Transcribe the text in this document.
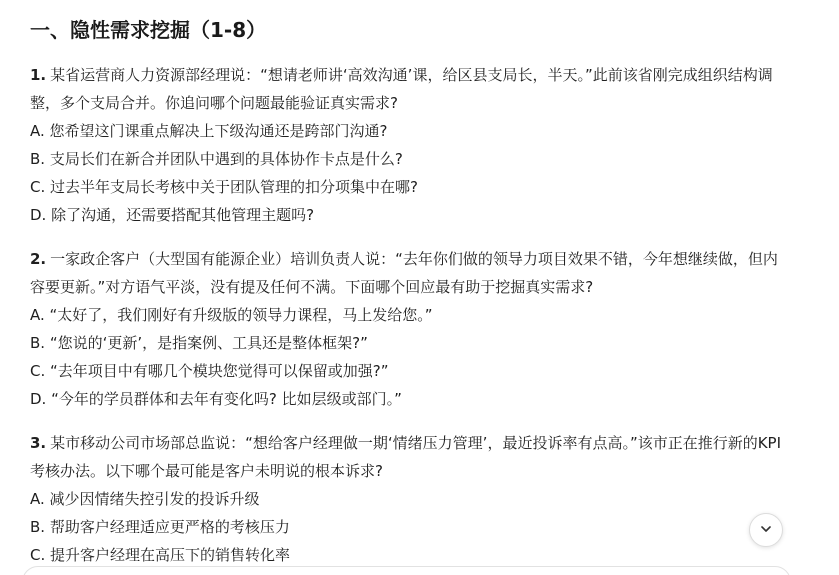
一、隐性需求挖掘（1-8）

1. 某省运营商人力资源部经理说：“想请老师讲‘高效沟通’课，给区县支局长，半天。”此前该省刚完成组织结构调整，多个支局合并。你追问哪个问题最能验证真实需求?

A. 您希望这门课重点解决上下级沟通还是跨部门沟通?

B. 支局长们在新合并团队中遇到的具体协作卡点是什么?

C. 过去半年支局长考核中关于团队管理的扣分项集中在哪?

D. 除了沟通，还需要搭配其他管理主题吗?

2. 一家政企客户（大型国有能源企业）培训负责人说：“去年你们做的领导力项目效果不错，今年想继续做，但内容要更新。”对方语气平淡，没有提及任何不满。下面哪个回应最有助于挖掘真实需求?

A. “太好了，我们刚好有升级版的领导力课程，马上发给您。”

B. “您说的‘更新’，是指案例、工具还是整体框架?”

C. “去年项目中有哪几个模块您觉得可以保留或加强?”

D. “今年的学员群体和去年有变化吗? 比如层级或部门。”

3. 某市移动公司市场部总监说：“想给客户经理做一期‘情绪压力管理’，最近投诉率有点高。”该市正在推行新的KPI考核办法。以下哪个最可能是客户未明说的根本诉求?

A. 减少因情绪失控引发的投诉升级

B. 帮助客户经理适应更严格的考核压力

C. 提升客户经理在高压下的销售转化率
